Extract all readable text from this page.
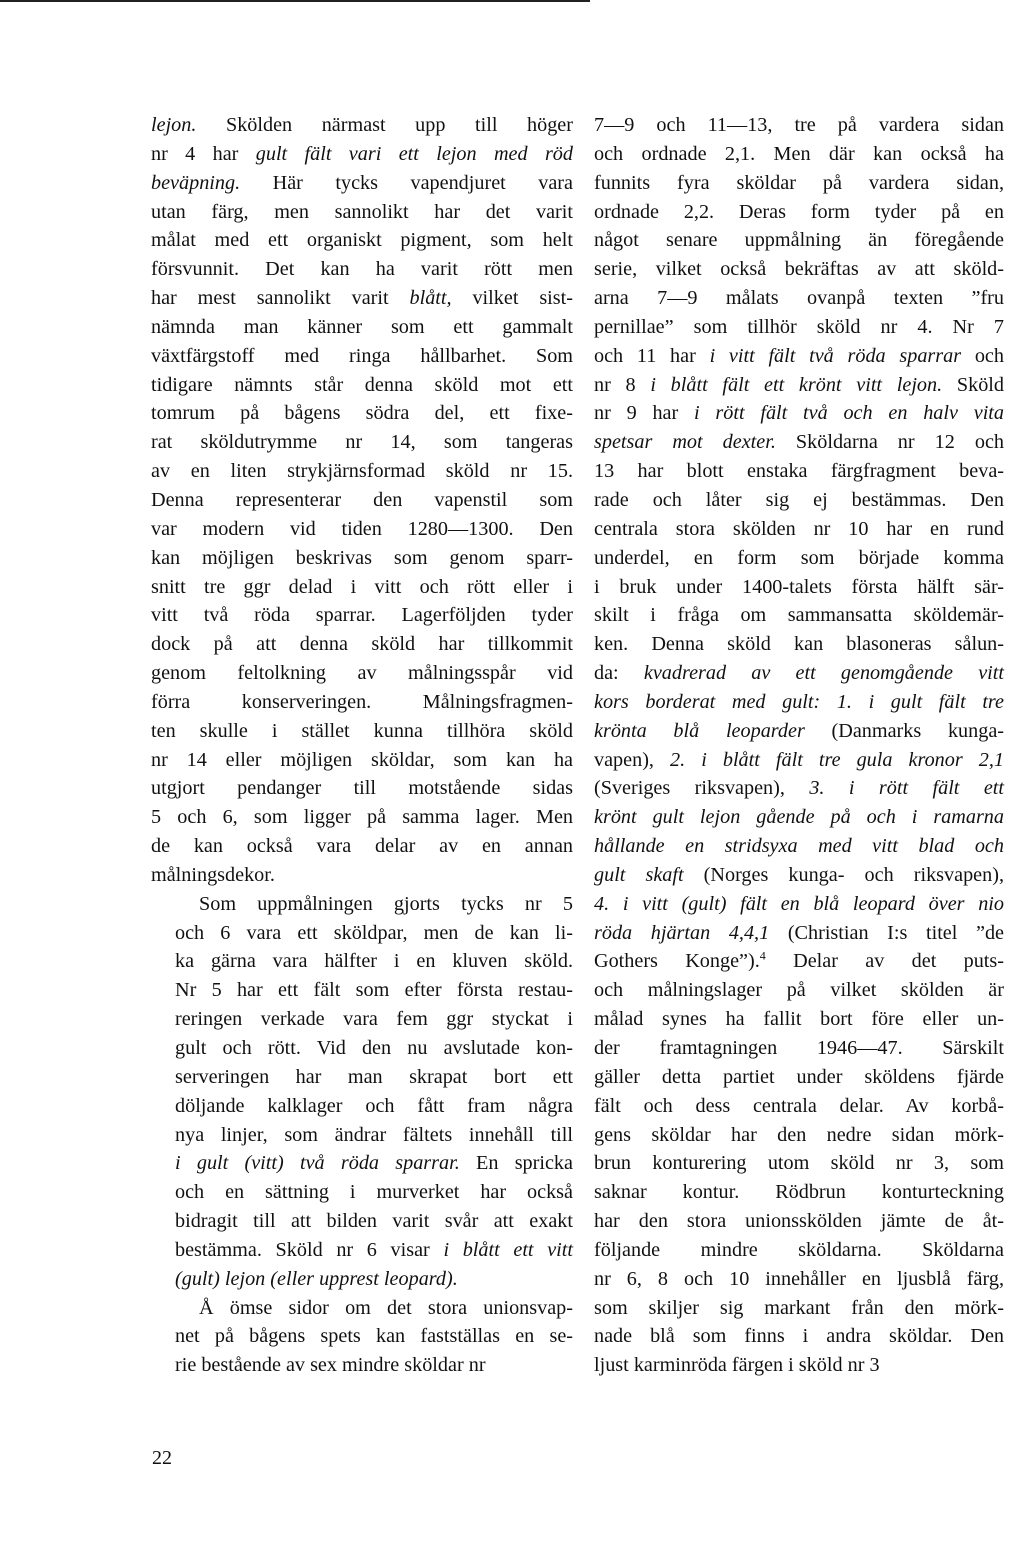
lejon. Skölden närmast upp till höger
nr 4 har gult fält vari ett lejon med röd
beväpning. Här tycks vapendjuret vara
utan färg, men sannolikt har det varit
målat med ett organiskt pigment, som helt
försvunnit. Det kan ha varit rött men
har mest sannolikt varit blått, vilket sist-
nämnda man känner som ett gammalt
växtfärgstoff med ringa hållbarhet. Som
tidigare nämnts står denna sköld mot ett
tomrum på bågens södra del, ett fixe-
rat sköldutrymme nr 14, som tangeras
av en liten strykjärnsformad sköld nr 15.
Denna representerar den vapenstil som
var modern vid tiden 1280—1300. Den
kan möjligen beskrivas som genom sparr-
snitt tre ggr delad i vitt och rött eller i
vitt två röda sparrar. Lagerföljden tyder
dock på att denna sköld har tillkommit
genom feltolkning av målningsspår vid
förra konserveringen. Målningsfragmen-
ten skulle i stället kunna tillhöra sköld
nr 14 eller möjligen sköldar, som kan ha
utgjort pendanger till motstående sidas
5 och 6, som ligger på samma lager. Men
de kan också vara delar av en annan
målningsdekor.

Som uppmålningen gjorts tycks nr 5
och 6 vara ett sköldpar, men de kan li-
ka gärna vara hälfter i en kluven sköld.
Nr 5 har ett fält som efter första restau-
reringen verkade vara fem ggr styckat i
gult och rött. Vid den nu avslutade kon-
serveringen har man skrapat bort ett
döljande kalklager och fått fram några
nya linjer, som ändrar fältets innehåll till
i gult (vitt) två röda sparrar. En spricka
och en sättning i murverket har också
bidragit till att bilden varit svår att exakt
bestämma. Sköld nr 6 visar i blått ett vitt
(gult) lejon (eller upprest leopard).

Å ömse sidor om det stora unionsvap-
net på bågens spets kan fastställas en se-
rie bestående av sex mindre sköldar nr

7—9 och 11—13, tre på vardera sidan
och ordnade 2,1. Men där kan också ha
funnits fyra sköldar på vardera sidan,
ordnade 2,2. Deras form tyder på en
något senare uppmålning än föregående
serie, vilket också bekräftas av att sköld-
arna 7—9 målats ovanpå texten ”fru
pernillae” som tillhör sköld nr 4. Nr 7
och 11 har i vitt fält två röda sparrar och
nr 8 i blått fält ett krönt vitt lejon. Sköld
nr 9 har i rött fält två och en halv vita
spetsar mot dexter. Sköldarna nr 12 och
13 har blott enstaka färgfragment beva-
rade och låter sig ej bestämmas. Den
centrala stora skölden nr 10 har en rund
underdel, en form som började komma
i bruk under 1400-talets första hälft sär-
skilt i fråga om sammansatta sköldemär-
ken. Denna sköld kan blasoneras sålun-
da: kvadrerad av ett genomgående vitt
kors borderat med gult: 1. i gult fält tre
krönta blå leoparder (Danmarks kunga-
vapen), 2. i blått fält tre gula kronor 2,1
(Sveriges riksvapen), 3. i rött fält ett
krönt gult lejon gående på och i ramarna
hållande en stridsyxa med vitt blad och
gult skaft (Norges kunga- och riksvapen),
4. i vitt (gult) fält en blå leopard över nio
röda hjärtan 4,4,1 (Christian I:s titel ”de
Gothers Konge”).$^4$ Delar av det puts-
och målningslager på vilket skölden är
målad synes ha fallit bort före eller un-
der framtagningen 1946—47. Särskilt
gäller detta partiet under sköldens fjärde
fält och dess centrala delar. Av korbå-
gens sköldar har den nedre sidan mörk-
brun konturering utom sköld nr 3, som
saknar kontur. Rödbrun konturteckning
har den stora unionsskölden jämte de åt-
följande mindre sköldarna. Sköldarna
nr 6, 8 och 10 innehåller en ljusblå färg,
som skiljer sig markant från den mörk-
nade blå som finns i andra sköldar. Den
ljust karminröda färgen i sköld nr 3

22
